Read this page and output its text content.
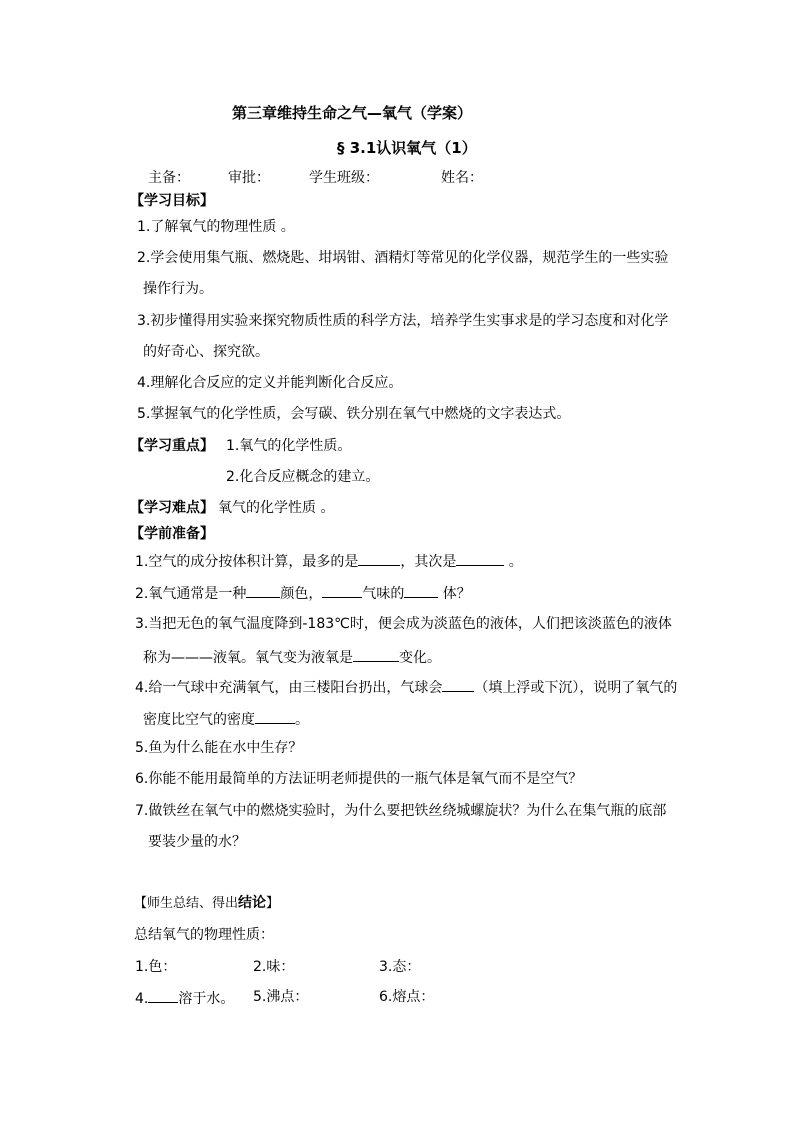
第三章维持生命之气—氧气（学案）
§ 3.1认识氧气（1）
主备：	审批：	学生班级：	姓名：
【学习目标】
1.了解氧气的物理性质 。
2.学会使用集气瓶、燃烧匙、坩埚钳、酒精灯等常见的化学仪器，规范学生的一些实验
操作行为。
3.初步懂得用实验来探究物质性质的科学方法，培养学生实事求是的学习态度和对化学
的好奇心、探究欲。
4.理解化合反应的定义并能判断化合反应。
5.掌握氧气的化学性质，会写碳、铁分别在氧气中燃烧的文字表达式。
【学习重点】 1.氧气的化学性质。
2.化合反应概念的建立。
【学习难点】 氧气的化学性质 。
【学前准备】
1.空气的成分按体积计算，最多的是	，其次是	。
2.氧气通常是一种 颜色，	气味的 体？
3.当把无色的氧气温度降到-183℃时，便会成为淡蓝色的液体，人们把该淡蓝色的液体
称为———液氧。氧气变为液氧是	变化。
4.给一气球中充满氧气，由三楼阳台扔出，气球会 （填上浮或下沉），说明了氧气的
密度比空气的密度	。
5.鱼为什么能在水中生存？
6.你能不能用最简单的方法证明老师提供的一瓶气体是氧气而不是空气？
7.做铁丝在氧气中的燃烧实验时，为什么要把铁丝绕城螺旋状？为什么在集气瓶的底部
要装少量的水？
【师生总结、得出结论】
总结氧气的物理性质：
1.色：	2.味：	3.态：
4. 溶于水。 5.沸点：	6.熔点：
